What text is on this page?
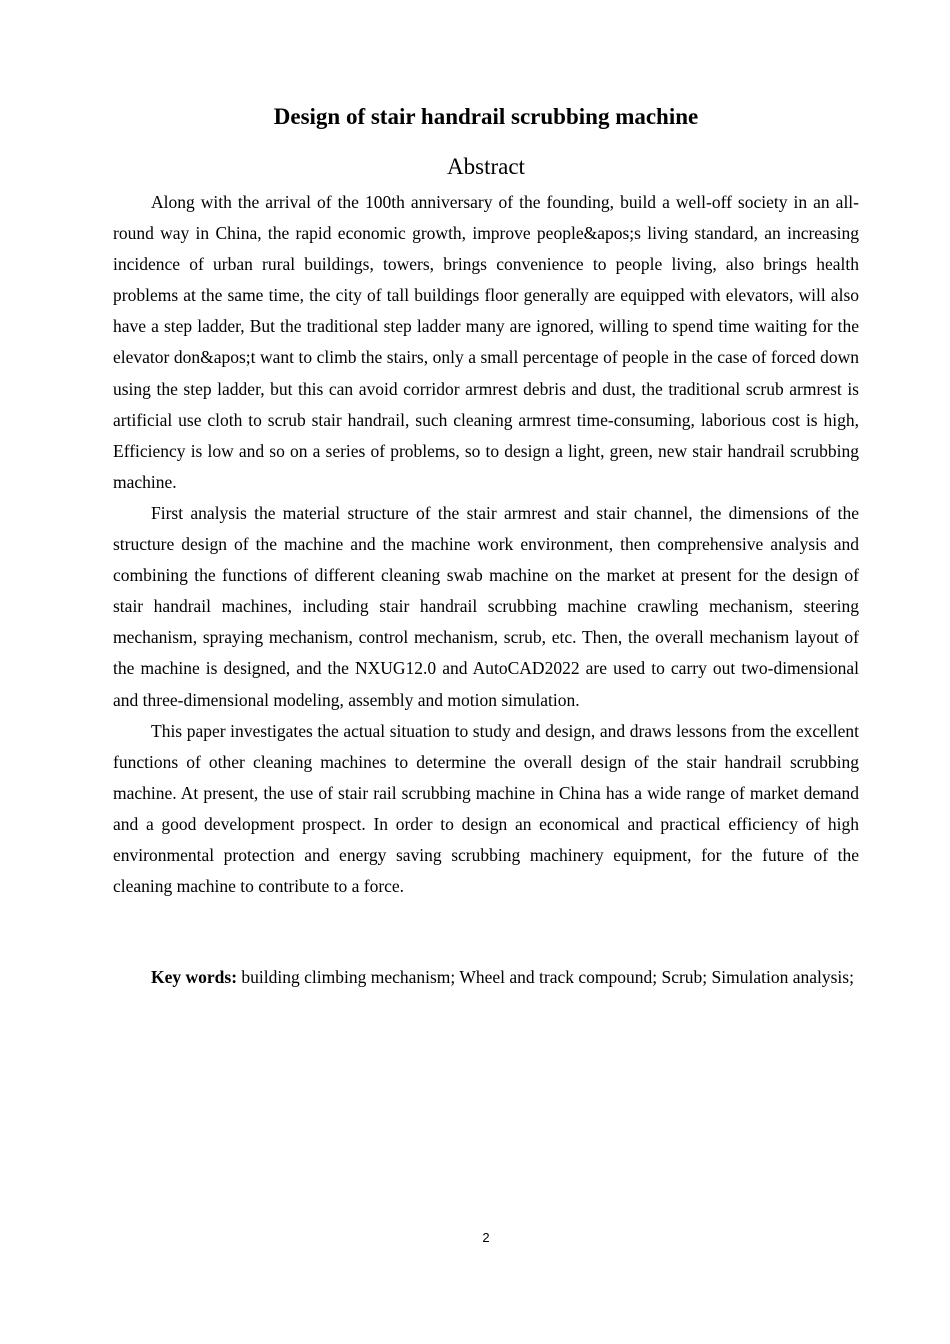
Design of stair handrail scrubbing machine
Abstract

Along with the arrival of the 100th anniversary of the founding, build a well-off society in an all-round way in China, the rapid economic growth, improve people&apos;s living standard, an increasing incidence of urban rural buildings, towers, brings convenience to people living, also brings health problems at the same time, the city of tall buildings floor generally are equipped with elevators, will also have a step ladder, But the traditional step ladder many are ignored, willing to spend time waiting for the elevator don&apos;t want to climb the stairs, only a small percentage of people in the case of forced down using the step ladder, but this can avoid corridor armrest debris and dust, the traditional scrub armrest is artificial use cloth to scrub stair handrail, such cleaning armrest time-consuming, laborious cost is high, Efficiency is low and so on a series of problems, so to design a light, green, new stair handrail scrubbing machine.

First analysis the material structure of the stair armrest and stair channel, the dimensions of the structure design of the machine and the machine work environment, then comprehensive analysis and combining the functions of different cleaning swab machine on the market at present for the design of stair handrail machines, including stair handrail scrubbing machine crawling mechanism, steering mechanism, spraying mechanism, control mechanism, scrub, etc. Then, the overall mechanism layout of the machine is designed, and the NXUG12.0 and AutoCAD2022 are used to carry out two-dimensional and three-dimensional modeling, assembly and motion simulation.

This paper investigates the actual situation to study and design, and draws lessons from the excellent functions of other cleaning machines to determine the overall design of the stair handrail scrubbing machine. At present, the use of stair rail scrubbing machine in China has a wide range of market demand and a good development prospect. In order to design an economical and practical efficiency of high environmental protection and energy saving scrubbing machinery equipment, for the future of the cleaning machine to contribute to a force.

Key words: building climbing mechanism; Wheel and track compound; Scrub; Simulation analysis;

2
